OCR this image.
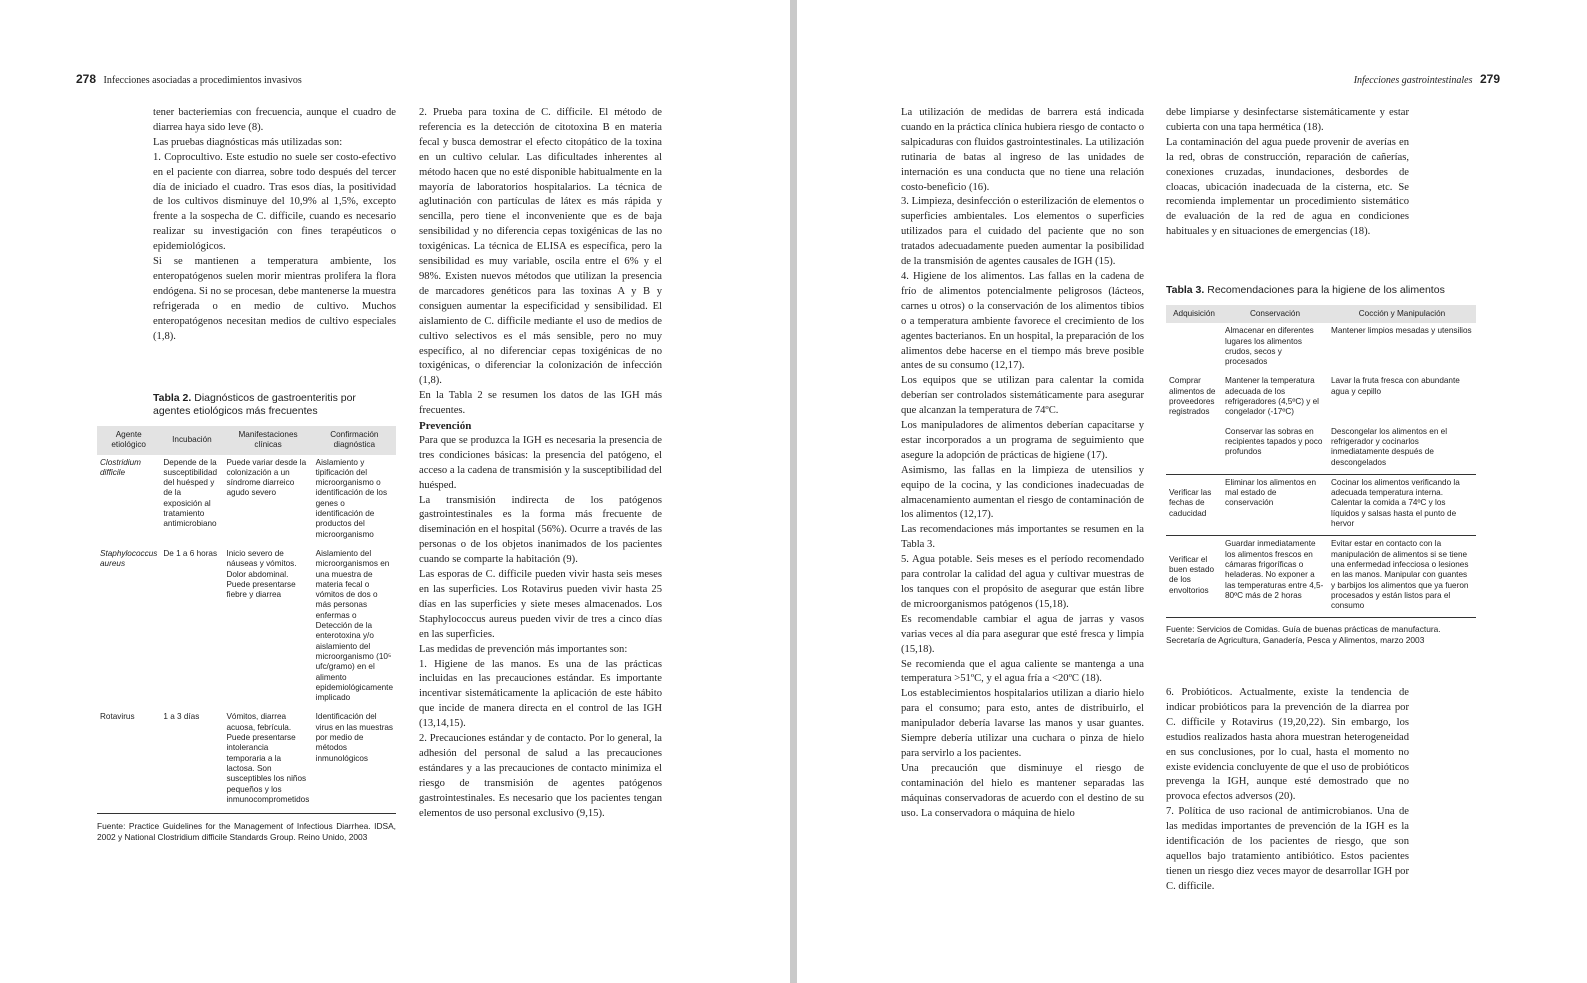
278 Infecciones asociadas a procedimientos invasivos

tener bacteriemias con frecuencia, aunque el cuadro de diarrea haya sido leve (8).

Las pruebas diagnósticas más utilizadas son:

1. Coprocultivo. Este estudio no suele ser costo-efectivo en el paciente con diarrea, sobre todo después del tercer día de iniciado el cuadro. Tras esos días, la positividad de los cultivos disminuye del 10,9% al 1,5%, excepto frente a la sospecha de C. difficile, cuando es necesario realizar su investigación con fines terapéuticos o epidemiológicos.

Si se mantienen a temperatura ambiente, los enteropatógenos suelen morir mientras prolifera la flora endógena. Si no se procesan, debe mantenerse la muestra refrigerada o en medio de cultivo. Muchos enteropatógenos necesitan medios de cultivo especiales (1,8).

Tabla 2. Diagnósticos de gastroenteritis por agentes etiológicos más frecuentes

Agente etiológico	Incubación	Manifestaciones clínicas	Confirmación diagnóstica
Clostridium difficile	Depende de la susceptibilidad del huésped y de la exposición al tratamiento antimicrobiano	Puede variar desde la colonización a un síndrome diarreico agudo severo	Aislamiento y tipificación del microorganismo o identificación de los genes o identificación de productos del microorganismo
Staphylococcus aureus	De 1 a 6 horas	Inicio severo de náuseas y vómitos. Dolor abdominal. Puede presentarse fiebre y diarrea	Aislamiento del microorganismos en una muestra de materia fecal o vómitos de dos o más personas enfermas o Detección de la enterotoxina y/o aislamiento del microorganismo (10⁵ ufc/gramo) en el alimento epidemiológicamente implicado
Rotavirus	1 a 3 días	Vómitos, diarrea acuosa, febrícula. Puede presentarse intolerancia temporaria a la lactosa. Son susceptibles los niños pequeños y los inmunocomprometidos	Identificación del virus en las muestras por medio de métodos inmunológicos

Fuente: Practice Guidelines for the Management of Infectious Diarrhea. IDSA, 2002 y National Clostridium difficile Standards Group. Reino Unido, 2003

2. Prueba para toxina de C. difficile. El método de referencia es la detección de citotoxina B en materia fecal y busca demostrar el efecto citopático de la toxina en un cultivo celular. Las dificultades inherentes al método hacen que no esté disponible habitualmente en la mayoría de laboratorios hospitalarios. La técnica de aglutinación con partículas de látex es más rápida y sencilla, pero tiene el inconveniente que es de baja sensibilidad y no diferencia cepas toxigénicas de las no toxigénicas. La técnica de ELISA es específica, pero la sensibilidad es muy variable, oscila entre el 6% y el 98%. Existen nuevos métodos que utilizan la presencia de marcadores genéticos para las toxinas A y B y consiguen aumentar la especificidad y sensibilidad. El aislamiento de C. difficile mediante el uso de medios de cultivo selectivos es el más sensible, pero no muy específico, al no diferenciar cepas toxigénicas de no toxigénicas, o diferenciar la colonización de infección (1,8).

En la Tabla 2 se resumen los datos de las IGH más frecuentes.

Prevención

Para que se produzca la IGH es necesaria la presencia de tres condiciones básicas: la presencia del patógeno, el acceso a la cadena de transmisión y la susceptibilidad del huésped.

La transmisión indirecta de los patógenos gastrointestinales es la forma más frecuente de diseminación en el hospital (56%). Ocurre a través de las personas o de los objetos inanimados de los pacientes cuando se comparte la habitación (9).

Las esporas de C. difficile pueden vivir hasta seis meses en las superficies. Los Rotavirus pueden vivir hasta 25 días en las superficies y siete meses almacenados. Los Staphylococcus aureus pueden vivir de tres a cinco días en las superficies.

Las medidas de prevención más importantes son:

1. Higiene de las manos. Es una de las prácticas incluidas en las precauciones estándar. Es importante incentivar sistemáticamente la aplicación de este hábito que incide de manera directa en el control de las IGH (13,14,15).

2. Precauciones estándar y de contacto. Por lo general, la adhesión del personal de salud a las precauciones estándares y a las precauciones de contacto minimiza el riesgo de transmisión de agentes patógenos gastrointestinales. Es necesario que los pacientes tengan elementos de uso personal exclusivo (9,15).

Infecciones gastrointestinales 279

La utilización de medidas de barrera está indicada cuando en la práctica clínica hubiera riesgo de contacto o salpicaduras con fluidos gastrointestinales. La utilización rutinaria de batas al ingreso de las unidades de internación es una conducta que no tiene una relación costo-beneficio (16).

3. Limpieza, desinfección o esterilización de elementos o superficies ambientales. Los elementos o superficies utilizados para el cuidado del paciente que no son tratados adecuadamente pueden aumentar la posibilidad de la transmisión de agentes causales de IGH (15).

4. Higiene de los alimentos. Las fallas en la cadena de frío de alimentos potencialmente peligrosos (lácteos, carnes u otros) o la conservación de los alimentos tibios o a temperatura ambiente favorece el crecimiento de los agentes bacterianos. En un hospital, la preparación de los alimentos debe hacerse en el tiempo más breve posible antes de su consumo (12,17).

Los equipos que se utilizan para calentar la comida deberían ser controlados sistemáticamente para asegurar que alcanzan la temperatura de 74ºC.

Los manipuladores de alimentos deberían capacitarse y estar incorporados a un programa de seguimiento que asegure la adopción de prácticas de higiene (17).

Asimismo, las fallas en la limpieza de utensilios y equipo de la cocina, y las condiciones inadecuadas de almacenamiento aumentan el riesgo de contaminación de los alimentos (12,17).

Las recomendaciones más importantes se resumen en la Tabla 3.

5. Agua potable. Seis meses es el período recomendado para controlar la calidad del agua y cultivar muestras de los tanques con el propósito de asegurar que están libre de microorganismos patógenos (15,18).

Es recomendable cambiar el agua de jarras y vasos varias veces al día para asegurar que esté fresca y limpia (15,18).

Se recomienda que el agua caliente se mantenga a una temperatura >51ºC, y el agua fría a <20ºC (18).

Los establecimientos hospitalarios utilizan a diario hielo para el consumo; para esto, antes de distribuirlo, el manipulador debería lavarse las manos y usar guantes. Siempre debería utilizar una cuchara o pinza de hielo para servirlo a los pacientes.

Una precaución que disminuye el riesgo de contaminación del hielo es mantener separadas las máquinas conservadoras de acuerdo con el destino de su uso. La conservadora o máquina de hielo

debe limpiarse y desinfectarse sistemáticamente y estar cubierta con una tapa hermética (18).

La contaminación del agua puede provenir de averías en la red, obras de construcción, reparación de cañerías, conexiones cruzadas, inundaciones, desbordes de cloacas, ubicación inadecuada de la cisterna, etc. Se recomienda implementar un procedimiento sistemático de evaluación de la red de agua en condiciones habituales y en situaciones de emergencias (18).

Tabla 3. Recomendaciones para la higiene de los alimentos

Adquisición	Conservación	Cocción y Manipulación
Comprar alimentos de proveedores registrados	Almacenar en diferentes lugares los alimentos crudos, secos y procesados	Mantener limpios mesadas y utensilios
	Mantener la temperatura adecuada de los refrigeradores (4,5ºC) y el congelador (-17ºC)	Lavar la fruta fresca con abundante agua y cepillo
	Conservar las sobras en recipientes tapados y poco profundos	Descongelar los alimentos en el refrigerador y cocinarlos inmediatamente después de descongelados
Verificar las fechas de caducidad	Eliminar los alimentos en mal estado de conservación	Cocinar los alimentos verificando la adecuada temperatura interna. Calentar la comida a 74ºC y los líquidos y salsas hasta el punto de hervor
Verificar el buen estado de los envoltorios	Guardar inmediatamente los alimentos frescos en cámaras frigoríficas o heladeras. No exponer a las temperaturas entre 4,5-80ºC más de 2 horas	Evitar estar en contacto con la manipulación de alimentos si se tiene una enfermedad infecciosa o lesiones en las manos. Manipular con guantes y barbijos los alimentos que ya fueron procesados y están listos para el consumo

Fuente: Servicios de Comidas. Guía de buenas prácticas de manufactura. Secretaría de Agricultura, Ganadería, Pesca y Alimentos, marzo 2003

6. Probióticos. Actualmente, existe la tendencia de indicar probióticos para la prevención de la diarrea por C. difficile y Rotavirus (19,20,22). Sin embargo, los estudios realizados hasta ahora muestran heterogeneidad en sus conclusiones, por lo cual, hasta el momento no existe evidencia concluyente de que el uso de probióticos prevenga la IGH, aunque esté demostrado que no provoca efectos adversos (20).

7. Política de uso racional de antimicrobianos. Una de las medidas importantes de prevención de la IGH es la identificación de los pacientes de riesgo, que son aquellos bajo tratamiento antibiótico. Estos pacientes tienen un riesgo diez veces mayor de desarrollar IGH por C. difficile.
